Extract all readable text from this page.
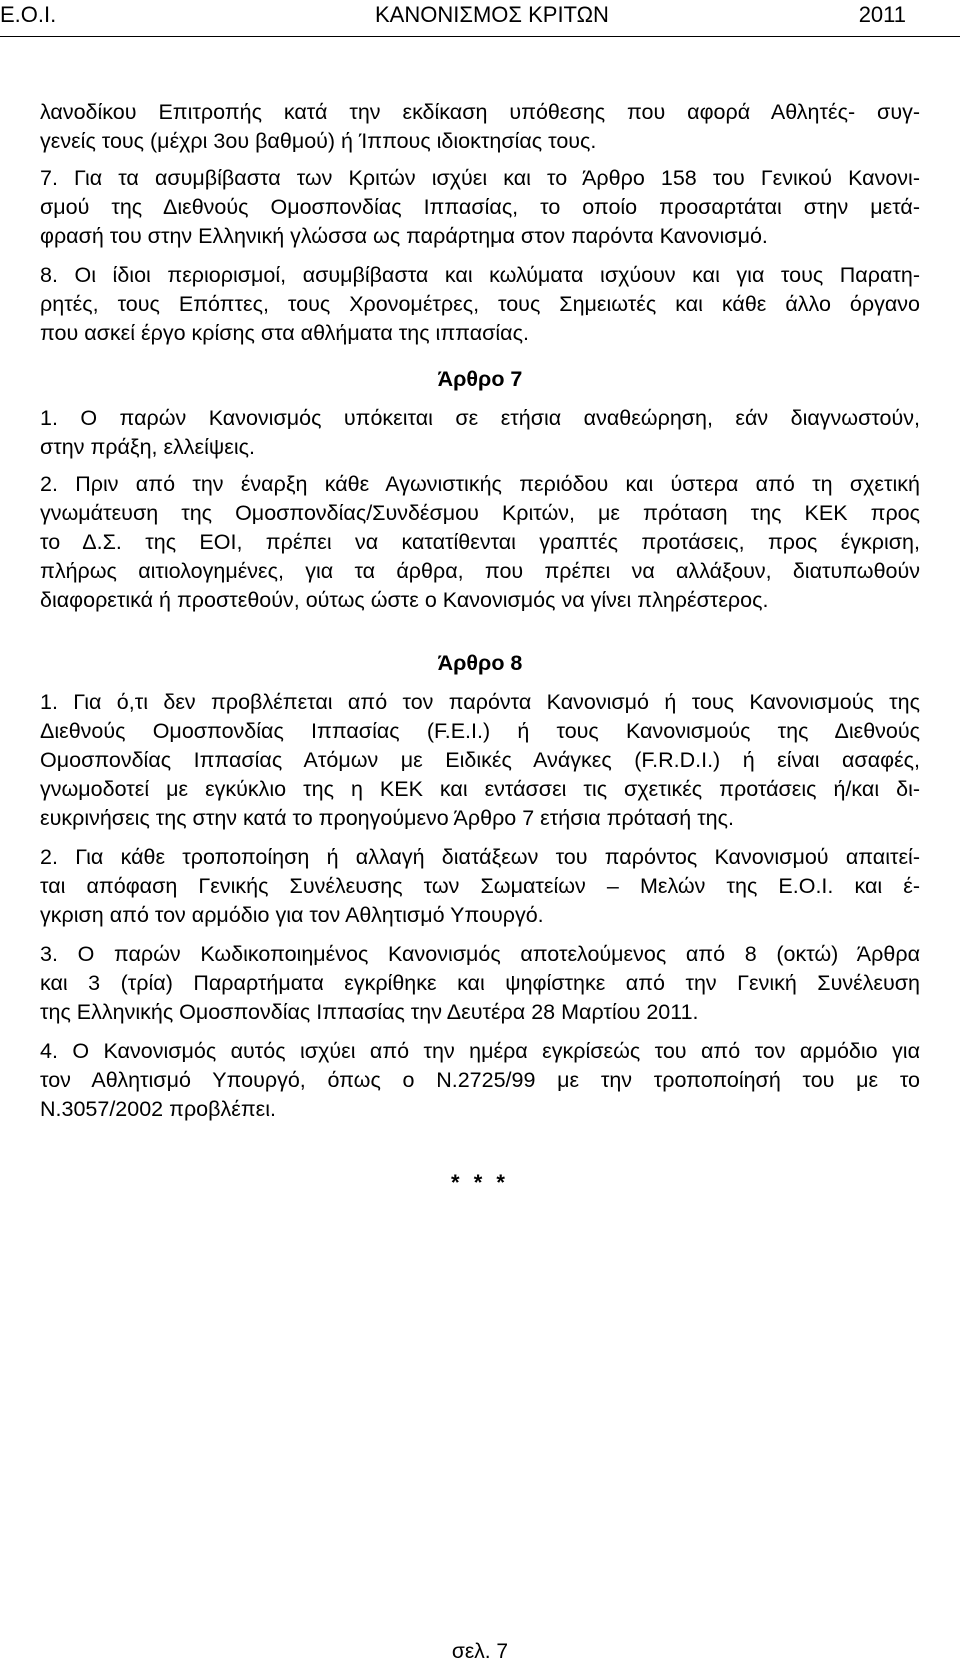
Ε.Ο.Ι.	ΚΑΝΟΝΙΣΜΟΣ ΚΡΙΤΩΝ	2011
λανοδίκου Επιτροπής κατά την εκδίκαση υπόθεσης που αφορά Αθλητές- συγ-
γενείς τους (μέχρι 3ου βαθμού) ή Ίππους ιδιοκτησίας τους.
7. Για τα ασυμβίβαστα των Κριτών ισχύει και το Άρθρο 158 του Γενικού Κανονι-
σμού της Διεθνούς Ομοσπονδίας Ιππασίας, το οποίο προσαρτάται στην μετά-
φρασή του στην Ελληνική γλώσσα ως παράρτημα στον παρόντα Κανονισμό.
8. Οι ίδιοι περιορισμοί, ασυμβίβαστα και κωλύματα ισχύουν και για τους Παρατη-
ρητές, τους Επόπτες, τους Χρονομέτρες, τους Σημειωτές και κάθε άλλο όργανο
που ασκεί έργο κρίσης στα αθλήματα της ιππασίας.
Άρθρο 7
1. Ο παρών Κανονισμός υπόκειται σε ετήσια αναθεώρηση, εάν διαγνωστούν,
στην πράξη, ελλείψεις.
2. Πριν από την έναρξη κάθε Αγωνιστικής περιόδου και ύστερα από τη σχετική
γνωμάτευση της Ομοσπονδίας/Συνδέσμου Κριτών, με πρόταση της ΚΕΚ προς
το Δ.Σ. της ΕΟΙ, πρέπει να κατατίθενται γραπτές προτάσεις, προς έγκριση,
πλήρως αιτιολογημένες, για τα άρθρα, που πρέπει να αλλάξουν, διατυπωθούν
διαφορετικά ή προστεθούν, ούτως ώστε ο Κανονισμός να γίνει πληρέστερος.
Άρθρο 8
1. Για ό,τι δεν προβλέπεται από τον παρόντα Κανονισμό ή τους Κανονισμούς της
Διεθνούς Ομοσπονδίας Ιππασίας (F.E.I.) ή τους Κανονισμούς της Διεθνούς
Ομοσπονδίας Ιππασίας Ατόμων με Ειδικές Ανάγκες (F.R.D.I.) ή είναι ασαφές,
γνωμοδοτεί με εγκύκλιο της η ΚΕΚ και εντάσσει τις σχετικές προτάσεις ή/και δι-
ευκρινήσεις της στην κατά το προηγούμενο Άρθρο 7 ετήσια πρότασή της.
2. Για κάθε τροποποίηση ή αλλαγή διατάξεων του παρόντος Κανονισμού απαιτεί-
ται απόφαση Γενικής Συνέλευσης των Σωματείων – Μελών της Ε.Ο.Ι. και έ-
γκριση από τον αρμόδιο για τον Αθλητισμό Υπουργό.
3. Ο παρών Κωδικοποιημένος Κανονισμός αποτελούμενος από 8 (οκτώ) Άρθρα
και 3 (τρία) Παραρτήματα εγκρίθηκε και ψηφίστηκε από την Γενική Συνέλευση
της Ελληνικής Ομοσπονδίας Ιππασίας την Δευτέρα 28 Μαρτίου 2011.
4. Ο Κανονισμός αυτός ισχύει από την ημέρα εγκρίσεώς του από τον αρμόδιο για
τον Αθλητισμό Υπουργό, όπως ο Ν.2725/99 με την τροποποίησή του με το
Ν.3057/2002 προβλέπει.
* * *
σελ. 7
